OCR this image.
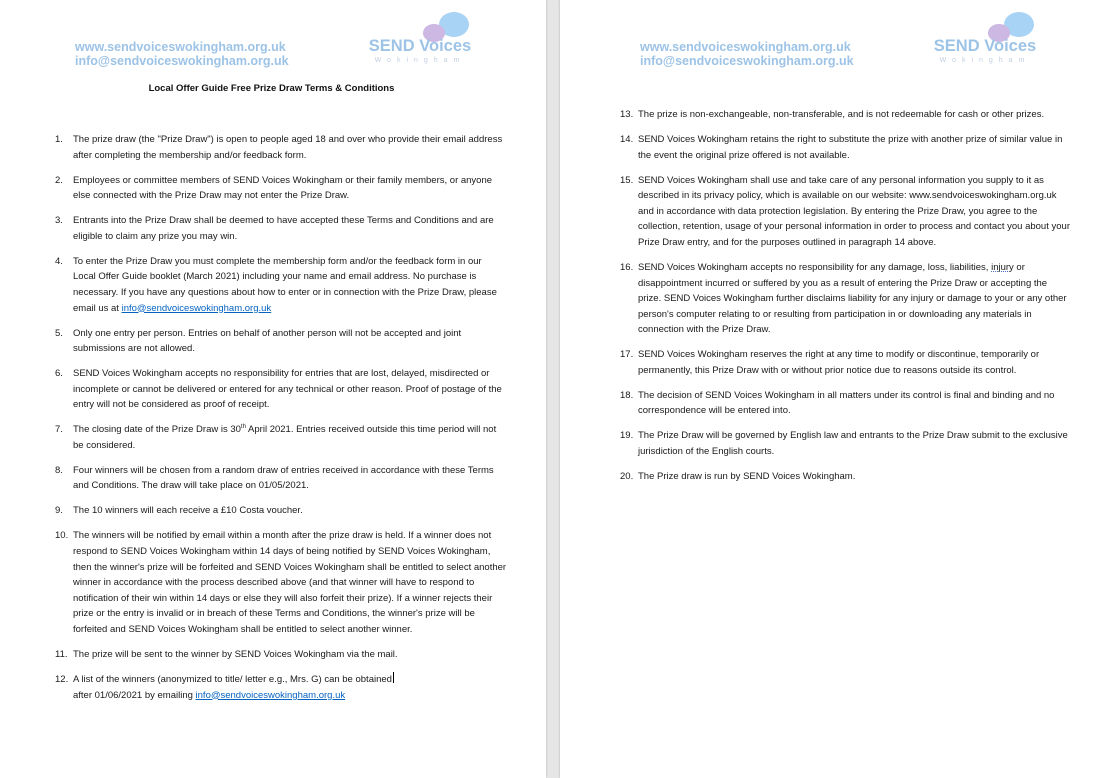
www.sendvoiceswokingham.org.uk
info@sendvoiceswokingham.org.uk
SEND Voices
Wokingham
Local Offer Guide Free Prize Draw Terms & Conditions
www.sendvoiceswokingham.org.uk
info@sendvoiceswokingham.org.uk
SEND Voices
Wokingham
1. The prize draw (the "Prize Draw") is open to people aged 18 and over who provide their email address after completing the membership and/or feedback form.
2. Employees or committee members of SEND Voices Wokingham or their family members, or anyone else connected with the Prize Draw may not enter the Prize Draw.
3. Entrants into the Prize Draw shall be deemed to have accepted these Terms and Conditions and are eligible to claim any prize you may win.
4. To enter the Prize Draw you must complete the membership form and/or the feedback form in our Local Offer Guide booklet (March 2021) including your name and email address. No purchase is necessary. If you have any questions about how to enter or in connection with the Prize Draw, please email us at info@sendvoiceswokingham.org.uk
5. Only one entry per person. Entries on behalf of another person will not be accepted and joint submissions are not allowed.
6. SEND Voices Wokingham accepts no responsibility for entries that are lost, delayed, misdirected or incomplete or cannot be delivered or entered for any technical or other reason. Proof of postage of the entry will not be considered as proof of receipt.
7. The closing date of the Prize Draw is 30th April 2021. Entries received outside this time period will not be considered.
8. Four winners will be chosen from a random draw of entries received in accordance with these Terms and Conditions. The draw will take place on 01/05/2021.
9. The 10 winners will each receive a £10 Costa voucher.
10. The winners will be notified by email within a month after the prize draw is held. If a winner does not respond to SEND Voices Wokingham within 14 days of being notified by SEND Voices Wokingham, then the winner's prize will be forfeited and SEND Voices Wokingham shall be entitled to select another winner in accordance with the process described above (and that winner will have to respond to notification of their win within 14 days or else they will also forfeit their prize). If a winner rejects their prize or the entry is invalid or in breach of these Terms and Conditions, the winner's prize will be forfeited and SEND Voices Wokingham shall be entitled to select another winner.
11. The prize will be sent to the winner by SEND Voices Wokingham via the mail.
12. A list of the winners (anonymized to title/ letter e.g., Mrs. G) can be obtained
after 01/06/2021 by emailing info@sendvoiceswokingham.org.uk
13. The prize is non-exchangeable, non-transferable, and is not redeemable for cash or other prizes.
14. SEND Voices Wokingham retains the right to substitute the prize with another prize of similar value in the event the original prize offered is not available.
15. SEND Voices Wokingham shall use and take care of any personal information you supply to it as described in its privacy policy, which is available on our website: www.sendvoiceswokingham.org.uk and in accordance with data protection legislation. By entering the Prize Draw, you agree to the collection, retention, usage of your personal information in order to process and contact you about your Prize Draw entry, and for the purposes outlined in paragraph 14 above.
16. SEND Voices Wokingham accepts no responsibility for any damage, loss, liabilities, injury or disappointment incurred or suffered by you as a result of entering the Prize Draw or accepting the prize. SEND Voices Wokingham further disclaims liability for any injury or damage to your or any other person's computer relating to or resulting from participation in or downloading any materials in connection with the Prize Draw.
17. SEND Voices Wokingham reserves the right at any time to modify or discontinue, temporarily or permanently, this Prize Draw with or without prior notice due to reasons outside its control.
18. The decision of SEND Voices Wokingham in all matters under its control is final and binding and no correspondence will be entered into.
19. The Prize Draw will be governed by English law and entrants to the Prize Draw submit to the exclusive jurisdiction of the English courts.
20. The Prize draw is run by SEND Voices Wokingham.
